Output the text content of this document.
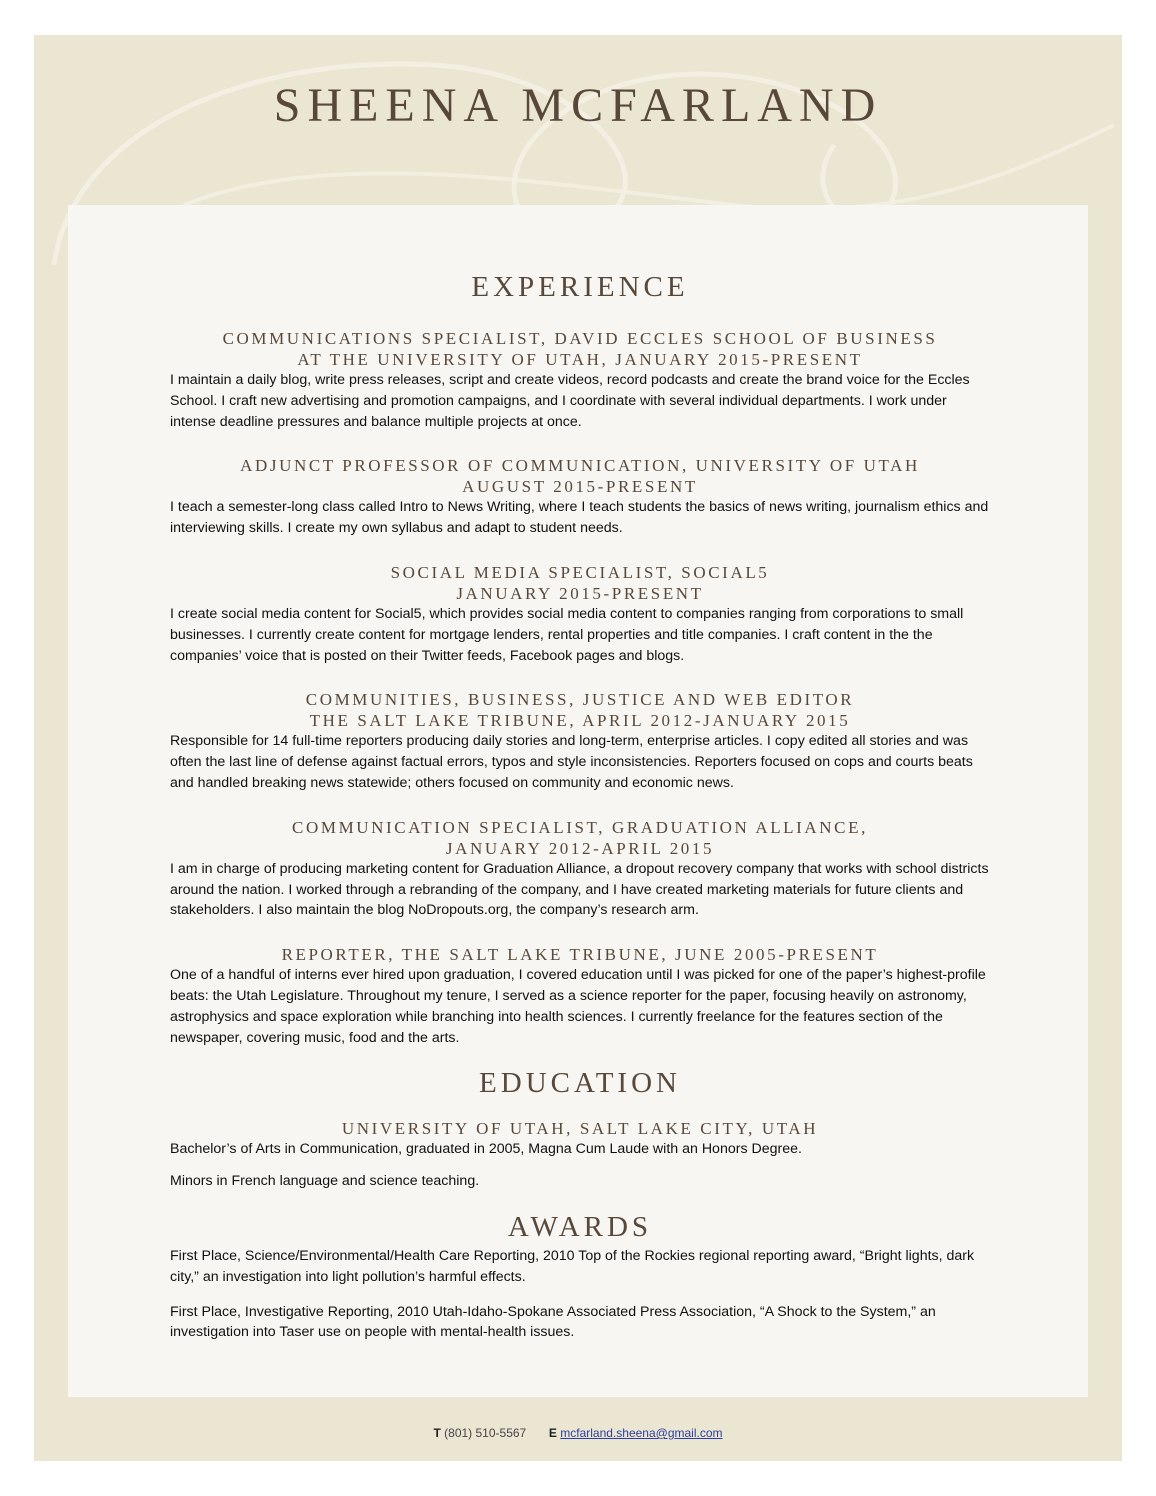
SHEENA MCFARLAND
EXPERIENCE
COMMUNICATIONS SPECIALIST, DAVID ECCLES SCHOOL OF BUSINESS
AT THE UNIVERSITY OF UTAH, JANUARY 2015-PRESENT

I maintain a daily blog, write press releases, script and create videos, record podcasts and create the brand voice for the Eccles School. I craft new advertising and promotion campaigns, and I coordinate with several individual departments. I work under intense deadline pressures and balance multiple projects at once.

ADJUNCT PROFESSOR OF COMMUNICATION, UNIVERSITY OF UTAH
AUGUST 2015-PRESENT

I teach a semester-long class called Intro to News Writing, where I teach students the basics of news writing, journalism ethics and interviewing skills. I create my own syllabus and adapt to student needs.

SOCIAL MEDIA SPECIALIST, SOCIAL5
JANUARY 2015-PRESENT

I create social media content for Social5, which provides social media content to companies ranging from corporations to small businesses. I currently create content for mortgage lenders, rental properties and title companies. I craft content in the the companies’ voice that is posted on their Twitter feeds, Facebook pages and blogs.

COMMUNITIES, BUSINESS, JUSTICE AND WEB EDITOR
THE SALT LAKE TRIBUNE, APRIL 2012-JANUARY 2015

Responsible for 14 full-time reporters producing daily stories and long-term, enterprise articles. I copy edited all stories and was often the last line of defense against factual errors, typos and style inconsistencies. Reporters focused on cops and courts beats and handled breaking news statewide; others focused on community and economic news.

COMMUNICATION SPECIALIST, GRADUATION ALLIANCE,
JANUARY 2012-APRIL 2015

I am in charge of producing marketing content for Graduation Alliance, a dropout recovery company that works with school districts around the nation. I worked through a rebranding of the company, and I have created marketing materials for future clients and stakeholders. I also maintain the blog NoDropouts.org, the company’s research arm.

REPORTER, THE SALT LAKE TRIBUNE, JUNE 2005-PRESENT

One of a handful of interns ever hired upon graduation, I covered education until I was picked for one of the paper’s highest-profile beats: the Utah Legislature. Throughout my tenure, I served as a science reporter for the paper, focusing heavily on astronomy, astrophysics and space exploration while branching into health sciences. I currently freelance for the features section of the newspaper, covering music, food and the arts.

EDUCATION
UNIVERSITY OF UTAH, SALT LAKE CITY, UTAH

Bachelor’s of Arts in Communication, graduated in 2005, Magna Cum Laude with an Honors Degree.

Minors in French language and science teaching.

AWARDS

First Place, Science/Environmental/Health Care Reporting, 2010 Top of the Rockies regional reporting award, “Bright lights, dark city,” an investigation into light pollution’s harmful effects.

First Place, Investigative Reporting, 2010 Utah-Idaho-Spokane Associated Press Association, “A Shock to the System,” an investigation into Taser use on people with mental-health issues.

T (801) 510-5567 E mcfarland.sheena@gmail.com
